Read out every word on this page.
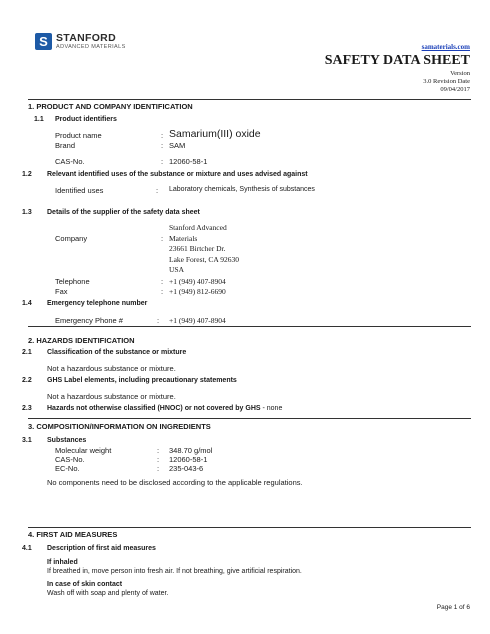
S STANFORD
ADVANCED MATERIALS	samaterials.com
SAFETY DATA SHEET
Version
3.0 Revision Date
09/04/2017
1. PRODUCT AND COMPANY IDENTIFICATION
1.1 Product identifiers
Product name	: Samarium(III) oxide
Brand	: SAM
CAS-No.	: 12060-58-1
1.2 Relevant identified uses of the substance or mixture and uses advised against
Identified uses	: Laboratory chemicals, Synthesis of substances
1.3 Details of the supplier of the safety data sheet
Company	:
Stanford Advanced
Materials
23661 Birtcher Dr.
Lake Forest, CA 92630
USA
Telephone	: +1 (949) 407-8904
Fax	: +1 (949) 812-6690
1.4 Emergency telephone number
Emergency Phone #	: +1 (949) 407-8904
2. HAZARDS IDENTIFICATION
2.1 Classification of the substance or mixture
Not a hazardous substance or mixture.
2.2 GHS Label elements, including precautionary statements
Not a hazardous substance or mixture.
2.3 Hazards not otherwise classified (HNOC) or not covered by GHS - none
3. COMPOSITION/INFORMATION ON INGREDIENTS
3.1 Substances
Molecular weight	: 348.70 g/mol
CAS-No.	: 12060-58-1
EC-No.	: 235-043-6
No components need to be disclosed according to the applicable regulations.
4. FIRST AID MEASURES
4.1 Description of first aid measures
If inhaled
If breathed in, move person into fresh air. If not breathing, give artificial respiration.
In case of skin contact
Wash off with soap and plenty of water.
Page 1 of 6
